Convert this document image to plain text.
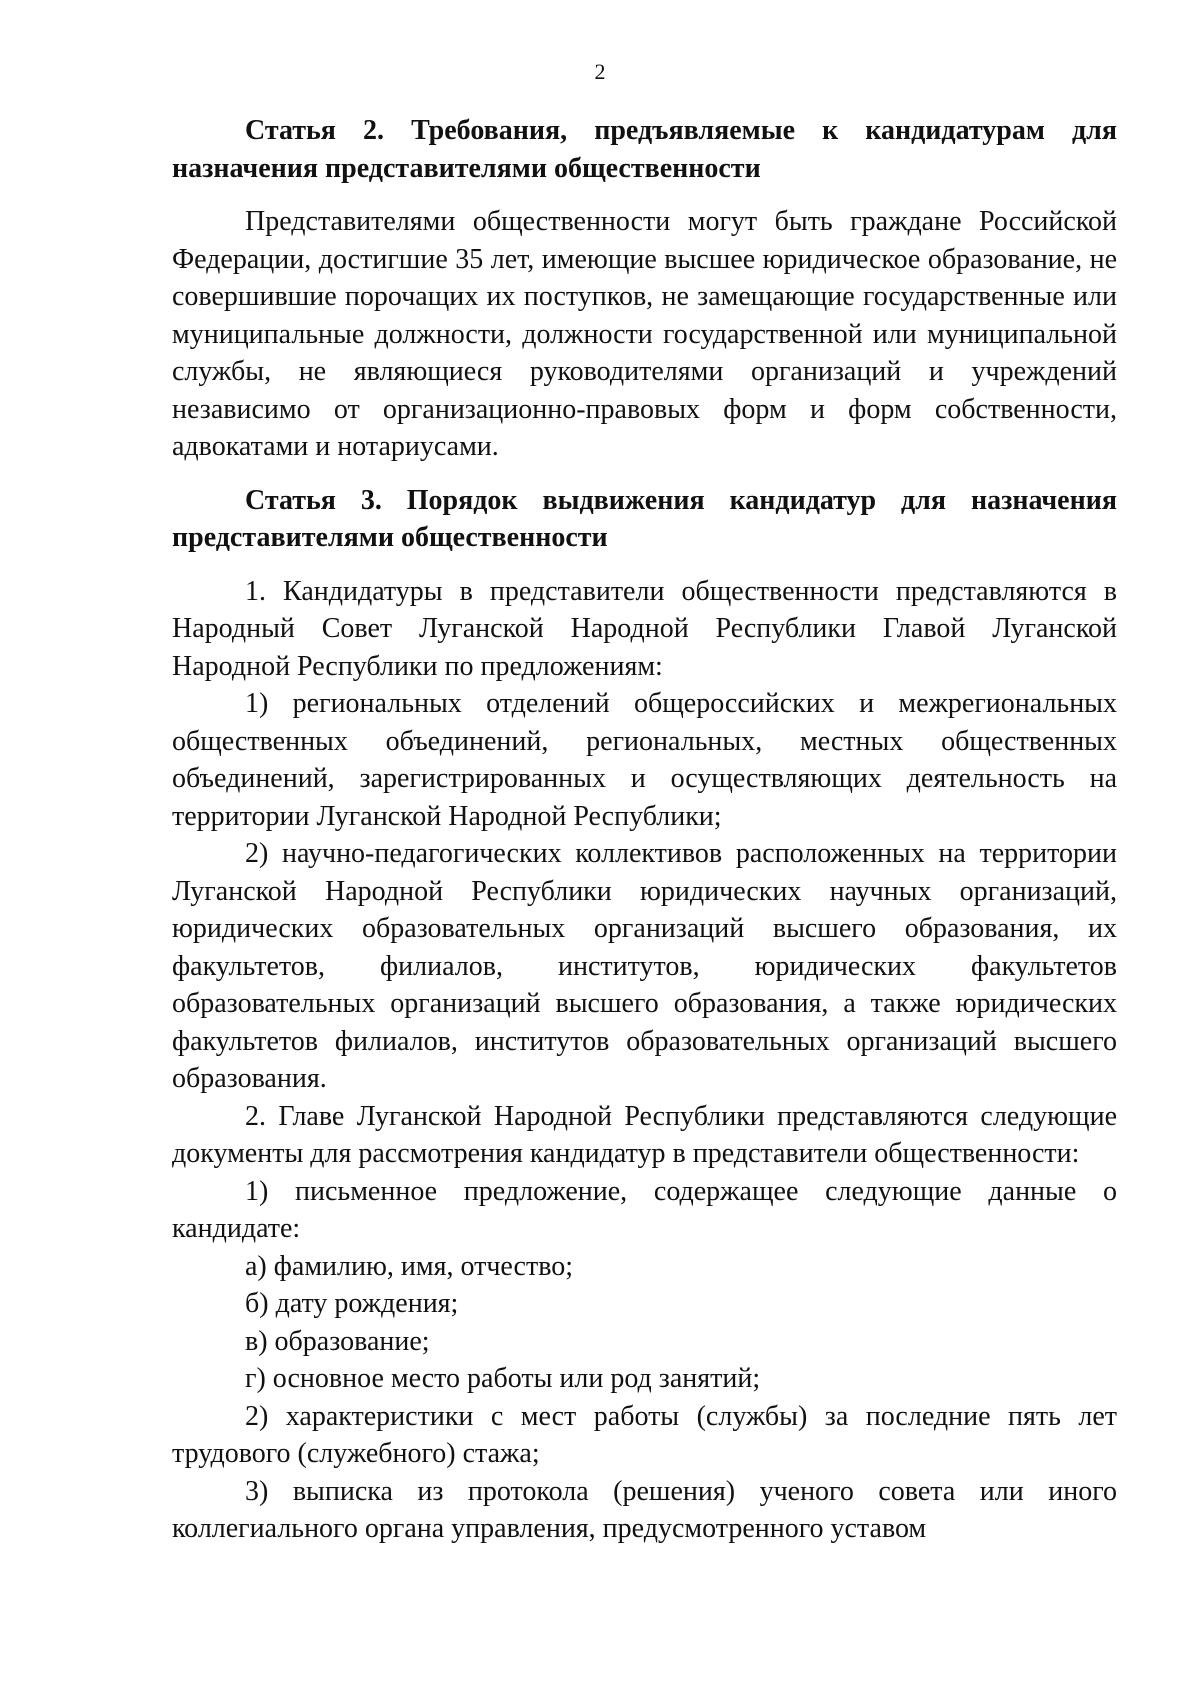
2

Статья 2. Требования, предъявляемые к кандидатурам для назначения представителями общественности

Представителями общественности могут быть граждане Российской Федерации, достигшие 35 лет, имеющие высшее юридическое образование, не совершившие порочащих их поступков, не замещающие государственные или муниципальные должности, должности государственной или муниципальной службы, не являющиеся руководителями организаций и учреждений независимо от организационно-правовых форм и форм собственности, адвокатами и нотариусами.

Статья 3. Порядок выдвижения кандидатур для назначения представителями общественности

1. Кандидатуры в представители общественности представляются в Народный Совет Луганской Народной Республики Главой Луганской Народной Республики по предложениям:

1) региональных отделений общероссийских и межрегиональных общественных объединений, региональных, местных общественных объединений, зарегистрированных и осуществляющих деятельность на территории Луганской Народной Республики;

2) научно-педагогических коллективов расположенных на территории Луганской Народной Республики юридических научных организаций, юридических образовательных организаций высшего образования, их факультетов, филиалов, институтов, юридических факультетов образовательных организаций высшего образования, а также юридических факультетов филиалов, институтов образовательных организаций высшего образования.

2. Главе Луганской Народной Республики представляются следующие документы для рассмотрения кандидатур в представители общественности:

1) письменное предложение, содержащее следующие данные о кандидате:

а) фамилию, имя, отчество;

б) дату рождения;

в) образование;

г) основное место работы или род занятий;

2) характеристики с мест работы (службы) за последние пять лет трудового (служебного) стажа;

3) выписка из протокола (решения) ученого совета или иного коллегиального органа управления, предусмотренного уставом
